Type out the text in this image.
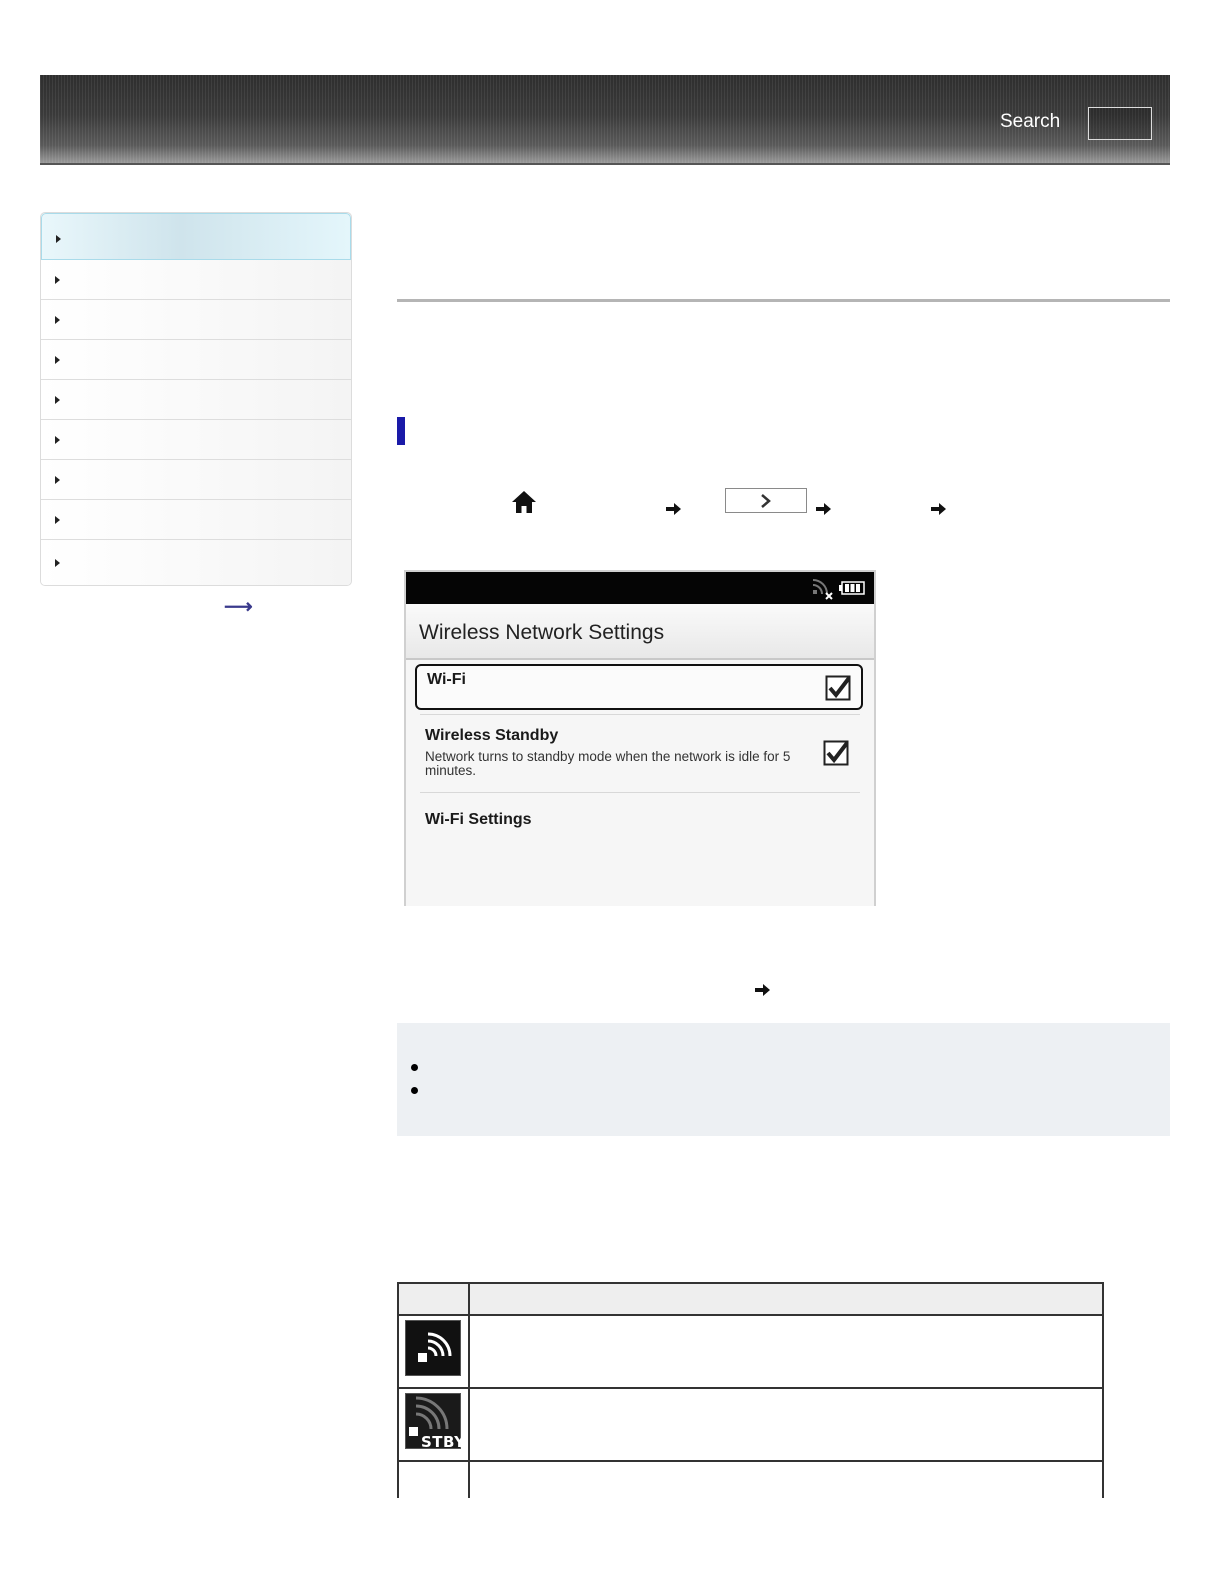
Search
⟶
Wireless Network Settings
Wi-Fi
Wireless Standby
Network turns to standby mode when the network is idle for 5 minutes.
Wi-Fi Settings

STBY	
